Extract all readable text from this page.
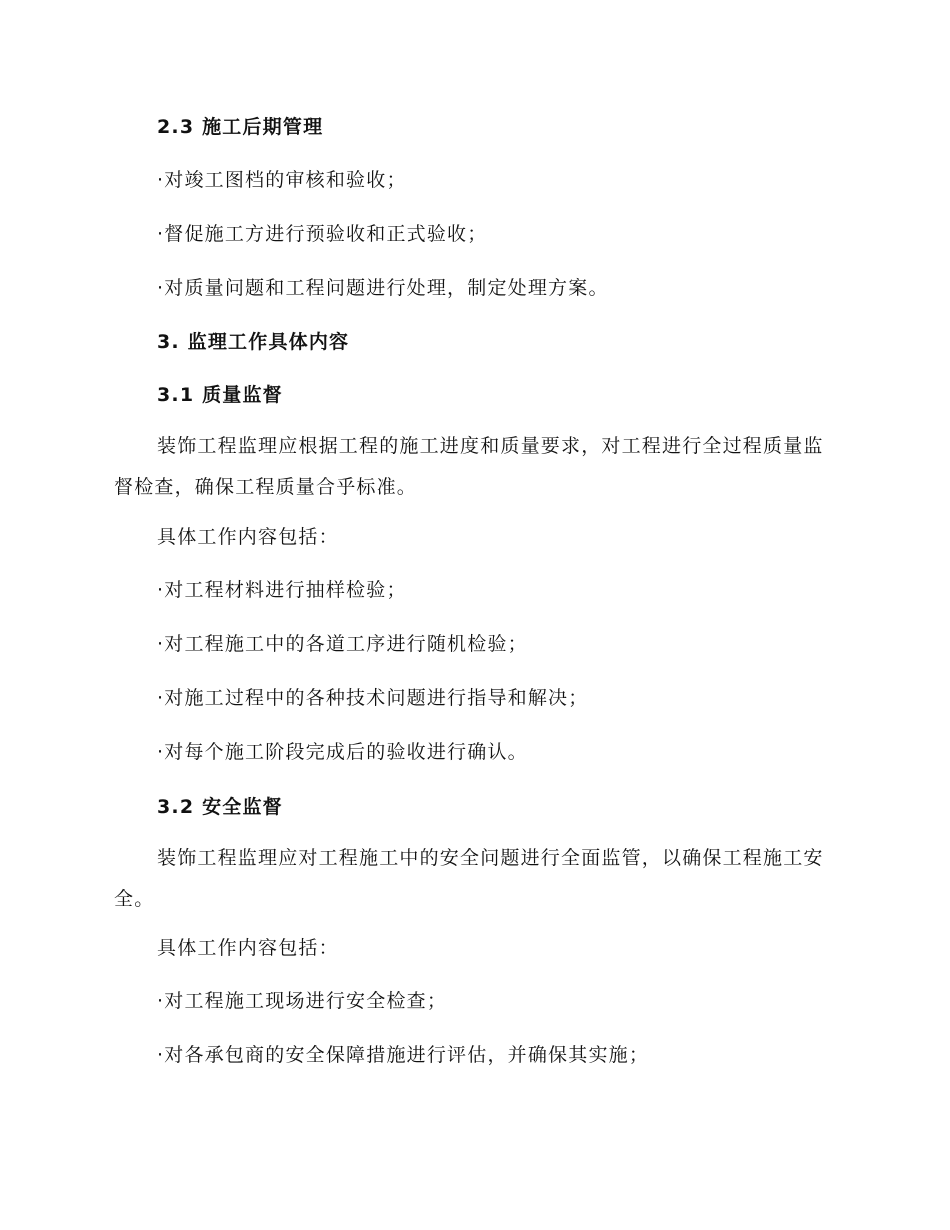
2.3 施工后期管理
·对竣工图档的审核和验收；
·督促施工方进行预验收和正式验收；
·对质量问题和工程问题进行处理，制定处理方案。
3. 监理工作具体内容
3.1 质量监督

装饰工程监理应根据工程的施工进度和质量要求，对工程进行全过程质量监督检查，确保工程质量合乎标准。

具体工作内容包括：
·对工程材料进行抽样检验；
·对工程施工中的各道工序进行随机检验；
·对施工过程中的各种技术问题进行指导和解决；
·对每个施工阶段完成后的验收进行确认。
3.2 安全监督

装饰工程监理应对工程施工中的安全问题进行全面监管，以确保工程施工安全。

具体工作内容包括：
·对工程施工现场进行安全检查；
·对各承包商的安全保障措施进行评估，并确保其实施；
